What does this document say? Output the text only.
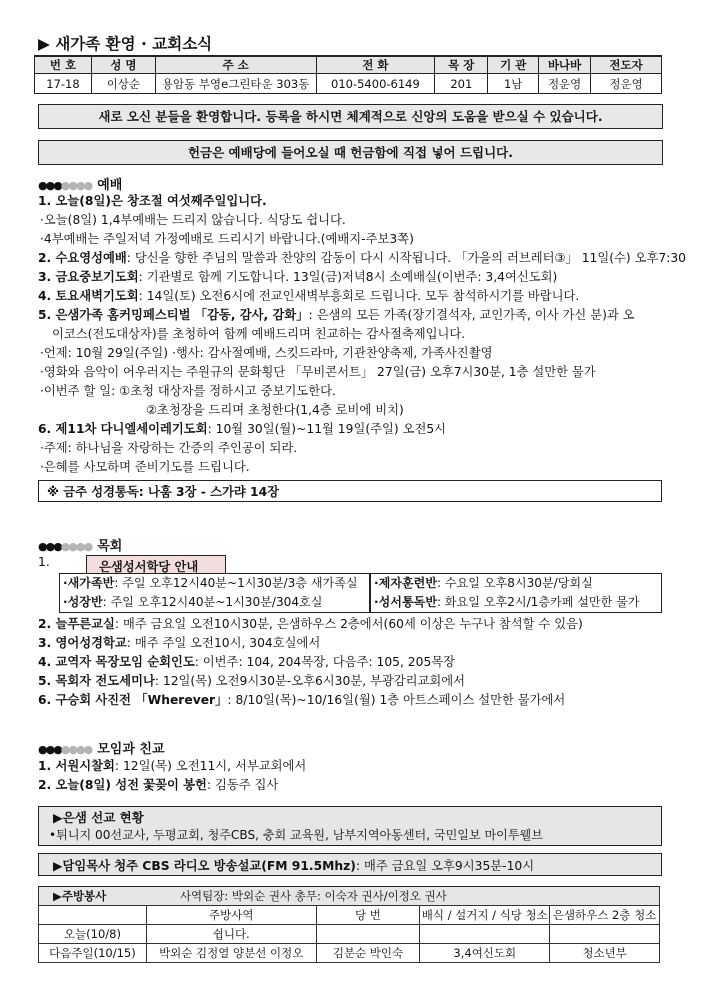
▶ 새가족 환영 · 교회소식
번 호	성 명	주 소	전 화	목 장	기 관	바나바	전도자
17-18	이상순	용암동 부영e그린타운 303동	010-5400-6149	201	1남	정운영	정운영
새로 오신 분들을 환영합니다. 등록을 하시면 체계적으로 신앙의 도움을 받으실 수 있습니다.
헌금은 예배당에 들어오실 때 헌금함에 직접 넣어 드립니다.
●●●●●●● 예배
1. 오늘(8일)은 창조절 여섯째주일입니다.
·오늘(8일) 1,4부예배는 드리지 않습니다. 식당도 쉽니다.
·4부예배는 주일저녁 가정예배로 드리시기 바랍니다.(예배지-주보3쪽)
2. 수요영성예배: 당신을 향한 주님의 말씀과 찬양의 감동이 다시 시작됩니다. 「가을의 러브레터③」 11일(수) 오후7:30
3. 금요중보기도회: 기관별로 함께 기도합니다. 13일(금)저녁8시 소예배실(이번주: 3,4여신도회)
4. 토요새벽기도회: 14일(토) 오전6시에 전교인새벽부흥회로 드립니다. 모두 참석하시기를 바랍니다.
5. 은샘가족 홈커밍페스티벌 「감동, 감사, 감화」: 은샘의 모든 가족(장기결석자, 교인가족, 이사 가신 분)과 오
이코스(전도대상자)를 초청하여 함께 예배드리며 친교하는 감사절축제입니다.
·언제: 10월 29일(주일) ·행사: 감사절예배, 스킷드라마, 기관찬양축제, 가족사진촬영
·영화와 음악이 어우러지는 주원규의 문화횡단 「무비콘서트」 27일(금) 오후7시30분, 1층 설만한 물가
·이번주 할 일: ①초청 대상자를 정하시고 중보기도한다.
②초청장을 드리며 초청한다(1,4층 로비에 비치)
6. 제11차 다니엘세이레기도회: 10월 30일(월)~11월 19일(주일) 오전5시
·주제: 하나님을 자랑하는 간증의 주인공이 되라.
·은혜를 사모하며 준비기도를 드립니다.
※ 금주 성경통독: 나훔 3장 - 스가랴 14장
●●●●●●● 목회
1.	은샘성서학당 안내
·새가족반: 주일 오후12시40분~1시30분/3층 새가족실 ·제자훈련반: 수요일 오후8시30분/당회실
·성장반: 주일 오후12시40분~1시30분/304호실	·성서통독반: 화요일 오후2시/1층카페 설만한 물가
2. 늘푸른교실: 매주 금요일 오전10시30분, 은샘하우스 2층에서(60세 이상은 누구나 참석할 수 있음)
3. 영어성경학교: 매주 주일 오전10시, 304호실에서
4. 교역자 목장모임 순회인도: 이번주: 104, 204목장, 다음주: 105, 205목장
5. 목회자 전도세미나: 12일(목) 오전9시30분-오후6시30분, 부광감리교회에서
6. 구승회 사진전 「Wherever」: 8/10일(목)~10/16일(월) 1층 아트스페이스 설만한 물가에서
●●●●●●● 모임과 친교
1. 서원시찰회: 12일(목) 오전11시, 서부교회에서
2. 오늘(8일) 성전 꽃꽂이 봉헌: 김동주 집사
▶은샘 선교 현황
•튀니지 00선교사, 두평교회, 청주CBS, 충회 교육원, 남부지역아동센터, 국민일보 마이투웰브
▶담임목사 청주 CBS 라디오 방송설교(FM 91.5Mhz): 매주 금요일 오후9시35분-10시
▶주방봉사 사역팀장: 박외순 권사 총무: 이숙자 권사/이정오 권사				
	주방사역	당 번	배식 / 설거지 / 식당 청소	은샘하우스 2층 청소
오늘(10/8)	쉽니다.			
다음주일(10/15)	박외순 김정열 양분선 이정오	김분순 박인숙	3,4여신도회	청소년부
